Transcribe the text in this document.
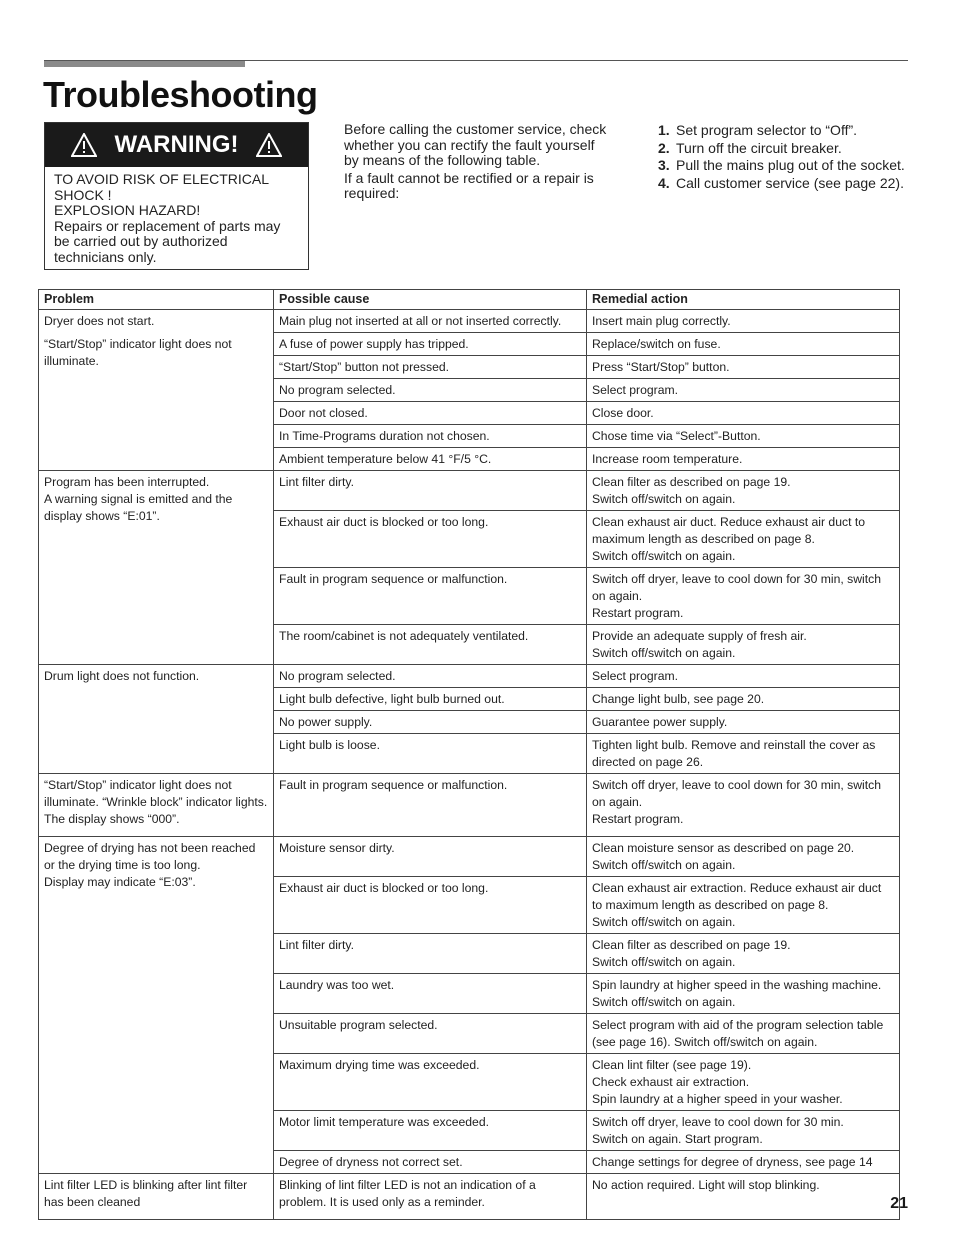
Troubleshooting
WARNING!
TO AVOID RISK OF ELECTRICAL SHOCK !
EXPLOSION HAZARD!
Repairs or replacement of parts may be carried out by authorized technicians only.

Before calling the customer service, check whether you can rectify the fault yourself by means of the following table.

If a fault cannot be rectified or a repair is required:

1. Set program selector to “Off”.
2. Turn off the circuit breaker.
3. Pull the mains plug out of the socket.
4. Call customer service (see page 22).
Problem	Possible cause	Remedial action

Dryer does not start.
“Start/Stop” indicator light does not illuminate.	Main plug not inserted at all or not inserted correctly.	Insert main plug correctly.
	A fuse of power supply has tripped.	Replace/switch on fuse.
	“Start/Stop” button not pressed.	Press “Start/Stop” button.
	No program selected.	Select program.
	Door not closed.	Close door.
	In Time-Programs duration not chosen.	Chose time via “Select”-Button.
	Ambient temperature below 41 °F/5 °C.	Increase room temperature.

Program has been interrupted.
A warning signal is emitted and the display shows “E:01”.	Lint filter dirty.	Clean filter as described on page 19.
Switch off/switch on again.
	Exhaust air duct is blocked or too long.	Clean exhaust air duct. Reduce exhaust air duct to maximum length as described on page 8.
Switch off/switch on again.
	Fault in program sequence or malfunction.	Switch off dryer, leave to cool down for 30 min, switch on again.
Restart program.
	The room/cabinet is not adequately ventilated.	Provide an adequate supply of fresh air.
Switch off/switch on again.

Drum light does not function.	No program selected.	Select program.
	Light bulb defective, light bulb burned out.	Change light bulb, see page 20.
	No power supply.	Guarantee power supply.
	Light bulb is loose.	Tighten light bulb. Remove and reinstall the cover as directed on page 26.

“Start/Stop” indicator light does not illuminate. “Wrinkle block” indicator lights.
The display shows “000”.	Fault in program sequence or malfunction.	Switch off dryer, leave to cool down for 30 min, switch on again.
Restart program.

Degree of drying has not been reached or the drying time is too long.
Display may indicate “E:03”.	Moisture sensor dirty.	Clean moisture sensor as described on page 20.
Switch off/switch on again.
	Exhaust air duct is blocked or too long.	Clean exhaust air extraction. Reduce exhaust air duct to maximum length as described on page 8.
Switch off/switch on again.
	Lint filter dirty.	Clean filter as described on page 19.
Switch off/switch on again.
	Laundry was too wet.	Spin laundry at higher speed in the washing machine. Switch off/switch on again.
	Unsuitable program selected.	Select program with aid of the program selection table (see page 16). Switch off/switch on again.
	Maximum drying time was exceeded.	Clean lint filter (see page 19).
Check exhaust air extraction.
Spin laundry at a higher speed in your washer.
	Motor limit temperature was exceeded.	Switch off dryer, leave to cool down for 30 min.
Switch on again. Start program.
	Degree of dryness not correct set.	Change settings for degree of dryness, see page 14

Lint filter LED is blinking after lint filter has been cleaned	Blinking of lint filter LED is not an indication of a problem. It is used only as a reminder.	No action required. Light will stop blinking.
21
